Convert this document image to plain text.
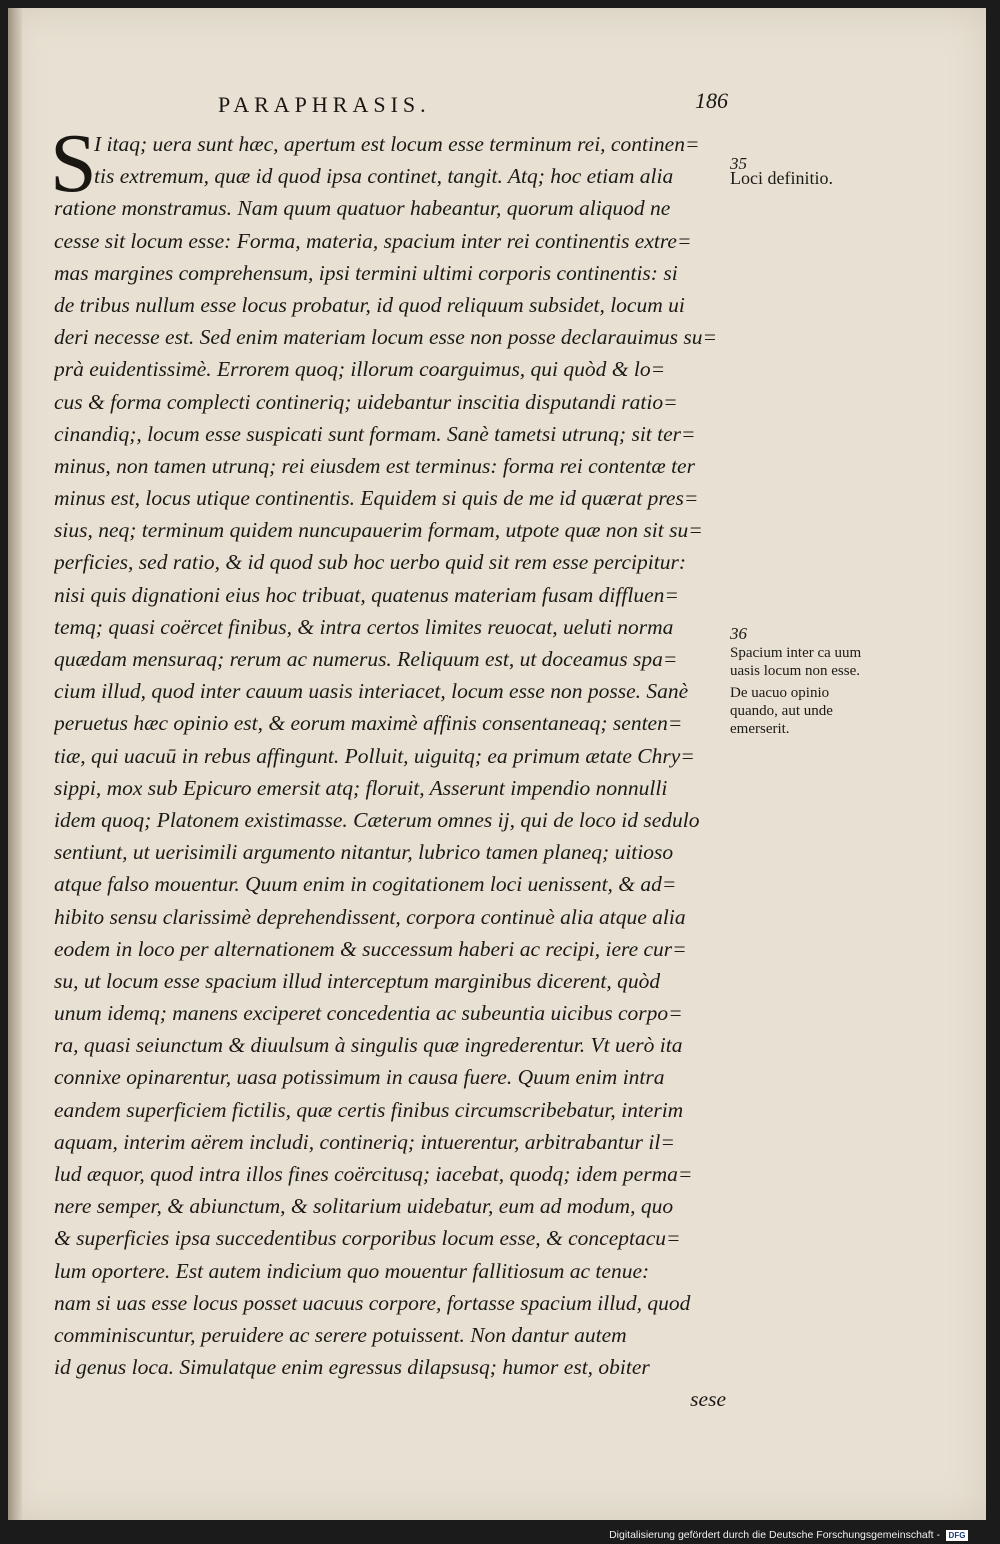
PARAPHRASIS.	186
S
I itaq; uera sunt hæc, apertum est locum esse terminum rei, continen=
tis extremum, quæ id quod ipsa continet, tangit. Atq; hoc etiam alia
ratione monstramus. Nam quum quatuor habeantur, quorum aliquod ne
cesse sit locum esse: Forma, materia, spacium inter rei continentis extre=
mas margines comprehensum, ipsi termini ultimi corporis continentis: si
de tribus nullum esse locus probatur, id quod reliquum subsidet, locum ui
deri necesse est. Sed enim materiam locum esse non posse declarauimus su=
prà euidentissimè. Errorem quoq; illorum coarguimus, qui quòd & lo=
cus & forma complecti contineriq; uidebantur inscitia disputandi ratio=
cinandiq;, locum esse suspicati sunt formam. Sanè tametsi utrunq; sit ter=
minus, non tamen utrunq; rei eiusdem est terminus: forma rei contentæ ter
minus est, locus utique continentis. Equidem si quis de me id quærat pres=
sius, neq; terminum quidem nuncupauerim formam, utpote quæ non sit su=
perficies, sed ratio, & id quod sub hoc uerbo quid sit rem esse percipitur:
nisi quis dignationi eius hoc tribuat, quatenus materiam fusam diffluen=
temq; quasi coërcet finibus, & intra certos limites reuocat, ueluti norma
quædam mensuraq; rerum ac numerus. Reliquum est, ut doceamus spa=
cium illud, quod inter cauum uasis interiacet, locum esse non posse. Sanè
peruetus hæc opinio est, & eorum maximè affinis consentaneaq; senten=
tiæ, qui uacuū in rebus affingunt. Polluit, uiguitq; ea primum ætate Chry=
sippi, mox sub Epicuro emersit atq; floruit, Asserunt impendio nonnulli
idem quoq; Platonem existimasse. Cæterum omnes ij, qui de loco id sedulo
sentiunt, ut uerisimili argumento nitantur, lubrico tamen planeq; uitioso
atque falso mouentur. Quum enim in cogitationem loci uenissent, & ad=
hibito sensu clarissimè deprehendissent, corpora continuè alia atque alia
eodem in loco per alternationem & successum haberi ac recipi, iere cur=
su, ut locum esse spacium illud interceptum marginibus dicerent, quòd
unum idemq; manens exciperet concedentia ac subeuntia uicibus corpo=
ra, quasi seiunctum & diuulsum à singulis quæ ingrederentur. Vt uerò ita
connixe opinarentur, uasa potissimum in causa fuere. Quum enim intra
eandem superficiem fictilis, quæ certis finibus circumscribebatur, interim
aquam, interim aërem includi, contineriq; intuerentur, arbitrabantur il=
lud æquor, quod intra illos fines coërcitusq; iacebat, quodq; idem perma=
nere semper, & abiunctum, & solitarium uidebatur, eum ad modum, quo
& superficies ipsa succedentibus corporibus locum esse, & conceptacu=
lum oportere. Est autem indicium quo mouentur fallitiosum ac tenue:
nam si uas esse locus posset uacuus corpore, fortasse spacium illud, quod
comminiscuntur, peruidere ac serere potuissent. Non dantur autem
id genus loca. Simulatque enim egressus dilapsusq; humor est, obiter
sese
35
Loci definitio.
36
Spacium inter ca uum uasis locum non esse.
De uacuo opinio quando, aut unde emerserit.
Digitalisierung gefördert durch die Deutsche Forschungsgemeinschaft -	DFG
